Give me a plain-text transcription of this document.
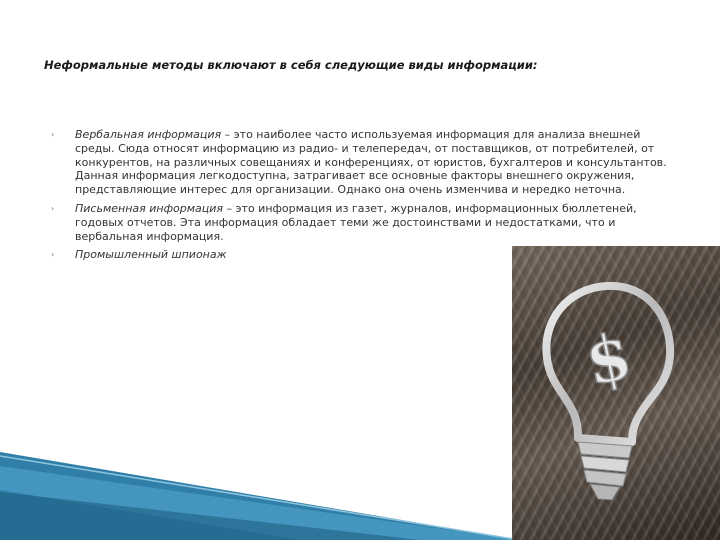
Неформальные методы включают в себя следующие виды информации:
› Вербальная информация – это наиболее часто используемая информация для анализа внешней среды. Сюда относят информацию из радио- и телепередач, от поставщиков, от потребителей, от конкурентов, на различных совещаниях и конференциях, от юристов, бухгалтеров и консультантов. Данная информация легкодоступна, затрагивает все основные факторы внешнего окружения, представляющие интерес для организации. Однако она очень изменчива и нередко неточна.
› Письменная информация – это информация из газет, журналов, информационных бюллетеней, годовых отчетов. Эта информация обладает теми же достоинствами и недостатками, что и вербальная информация.
› Промышленный шпионаж
$
